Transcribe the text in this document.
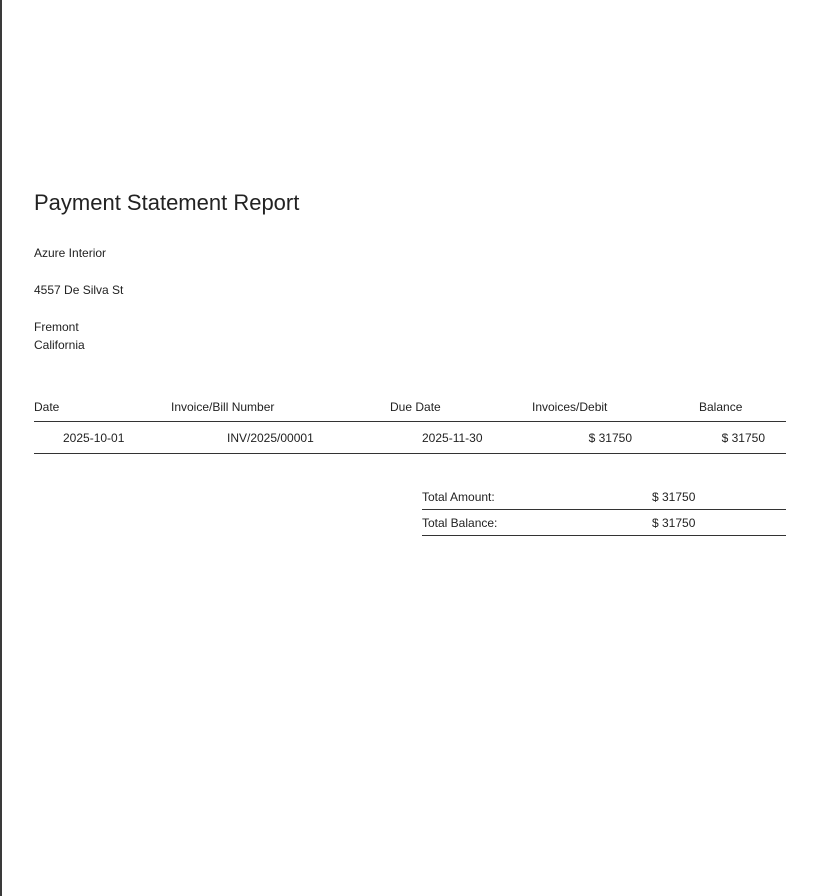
Payment Statement Report
Azure Interior
4557 De Silva St
Fremont
California
Date	Invoice/Bill Number	Due Date	Invoices/Debit	Balance
2025-10-01	INV/2025/00001	2025-11-30	$ 31750	$ 31750
Total Amount:	$ 31750
Total Balance:	$ 31750
